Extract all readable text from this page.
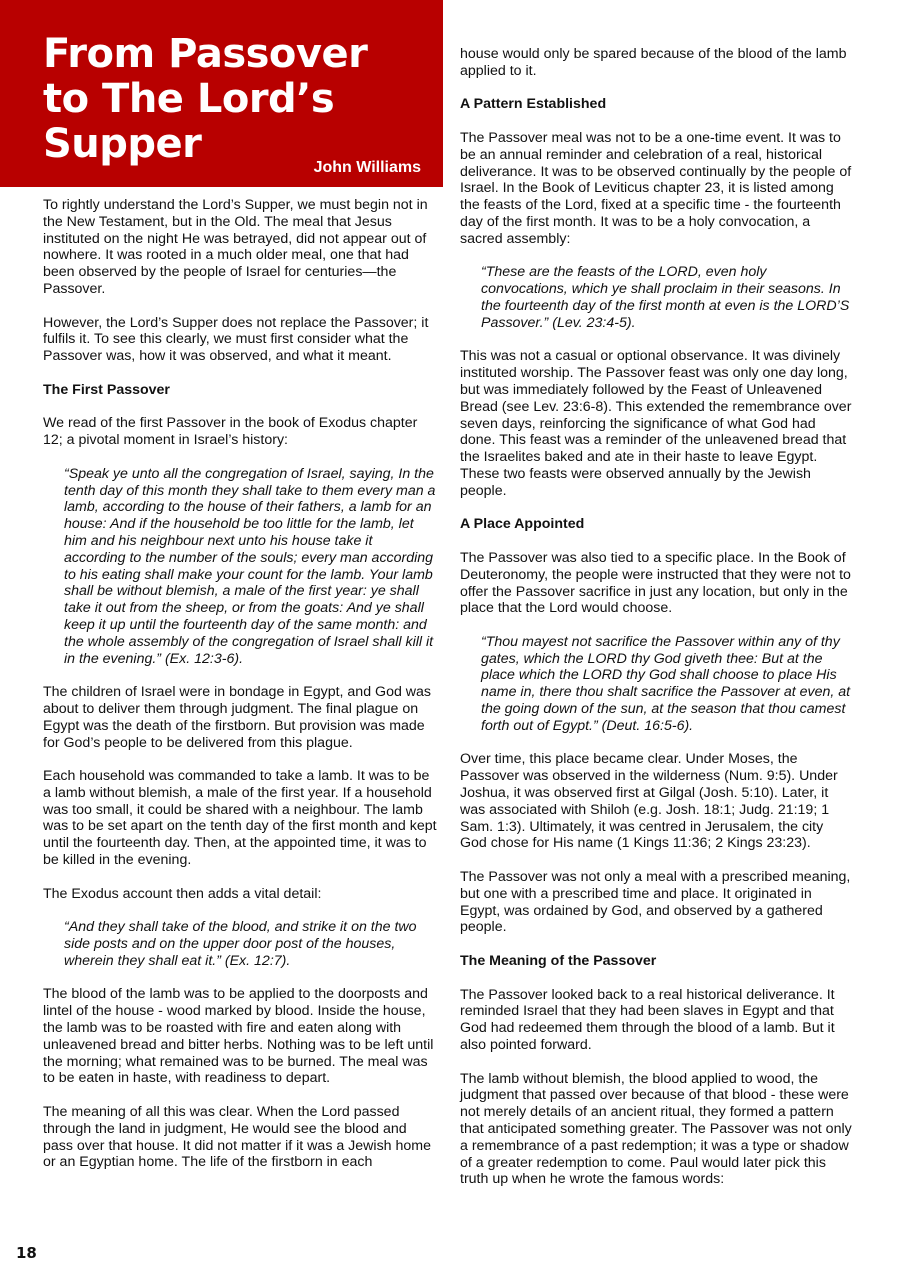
From Passover
to The Lord’s
Supper
John Williams

To rightly understand the Lord’s Supper, we must begin not in the New Testament, but in the Old. The meal that Jesus instituted on the night He was betrayed, did not appear out of nowhere. It was rooted in a much older meal, one that had been observed by the people of Israel for centuries—the Passover.

However, the Lord’s Supper does not replace the Passover; it fulfils it. To see this clearly, we must first consider what the Passover was, how it was observed, and what it meant.

The First Passover

We read of the first Passover in the book of Exodus chapter 12; a pivotal moment in Israel’s history:

“Speak ye unto all the congregation of Israel, saying, In the tenth day of this month they shall take to them every man a lamb, according to the house of their fathers, a lamb for an house: And if the household be too little for the lamb, let him and his neighbour next unto his house take it according to the number of the souls; every man according to his eating shall make your count for the lamb. Your lamb shall be without blemish, a male of the first year: ye shall take it out from the sheep, or from the goats: And ye shall keep it up until the fourteenth day of the same month: and the whole assembly of the congregation of Israel shall kill it in the evening.” (Ex. 12:3-6).

The children of Israel were in bondage in Egypt, and God was about to deliver them through judgment. The final plague on Egypt was the death of the firstborn. But provision was made for God’s people to be delivered from this plague.

Each household was commanded to take a lamb. It was to be a lamb without blemish, a male of the first year. If a household was too small, it could be shared with a neighbour. The lamb was to be set apart on the tenth day of the first month and kept until the fourteenth day. Then, at the appointed time, it was to be killed in the evening.

The Exodus account then adds a vital detail:

“And they shall take of the blood, and strike it on the two side posts and on the upper door post of the houses, wherein they shall eat it.” (Ex. 12:7).

The blood of the lamb was to be applied to the doorposts and lintel of the house - wood marked by blood. Inside the house, the lamb was to be roasted with fire and eaten along with unleavened bread and bitter herbs. Nothing was to be left until the morning; what remained was to be burned. The meal was to be eaten in haste, with readiness to depart.

The meaning of all this was clear. When the Lord passed through the land in judgment, He would see the blood and pass over that house. It did not matter if it was a Jewish home or an Egyptian home. The life of the firstborn in each

house would only be spared because of the blood of the lamb applied to it.

A Pattern Established

The Passover meal was not to be a one-time event. It was to be an annual reminder and celebration of a real, historical deliverance. It was to be observed continually by the people of Israel. In the Book of Leviticus chapter 23, it is listed among the feasts of the Lord, fixed at a specific time - the fourteenth day of the first month. It was to be a holy convocation, a sacred assembly:

“These are the feasts of the LORD, even holy convocations, which ye shall proclaim in their seasons. In the fourteenth day of the first month at even is the LORD’S Passover.” (Lev. 23:4-5).

This was not a casual or optional observance. It was divinely instituted worship. The Passover feast was only one day long, but was immediately followed by the Feast of Unleavened Bread (see Lev. 23:6-8). This extended the remembrance over seven days, reinforcing the significance of what God had done. This feast was a reminder of the unleavened bread that the Israelites baked and ate in their haste to leave Egypt. These two feasts were observed annually by the Jewish people.

A Place Appointed

The Passover was also tied to a specific place. In the Book of Deuteronomy, the people were instructed that they were not to offer the Passover sacrifice in just any location, but only in the place that the Lord would choose.

“Thou mayest not sacrifice the Passover within any of thy gates, which the LORD thy God giveth thee: But at the place which the LORD thy God shall choose to place His name in, there thou shalt sacrifice the Passover at even, at the going down of the sun, at the season that thou camest forth out of Egypt.” (Deut. 16:5-6).

Over time, this place became clear. Under Moses, the Passover was observed in the wilderness (Num. 9:5). Under Joshua, it was observed first at Gilgal (Josh. 5:10). Later, it was associated with Shiloh (e.g. Josh. 18:1; Judg. 21:19; 1 Sam. 1:3). Ultimately, it was centred in Jerusalem, the city God chose for His name (1 Kings 11:36; 2 Kings 23:23).

The Passover was not only a meal with a prescribed meaning, but one with a prescribed time and place. It originated in Egypt, was ordained by God, and observed by a gathered people.

The Meaning of the Passover

The Passover looked back to a real historical deliverance. It reminded Israel that they had been slaves in Egypt and that God had redeemed them through the blood of a lamb. But it also pointed forward.

The lamb without blemish, the blood applied to wood, the judgment that passed over because of that blood - these were not merely details of an ancient ritual, they formed a pattern that anticipated something greater. The Passover was not only a remembrance of a past redemption; it was a type or shadow of a greater redemption to come. Paul would later pick this truth up when he wrote the famous words:

18
